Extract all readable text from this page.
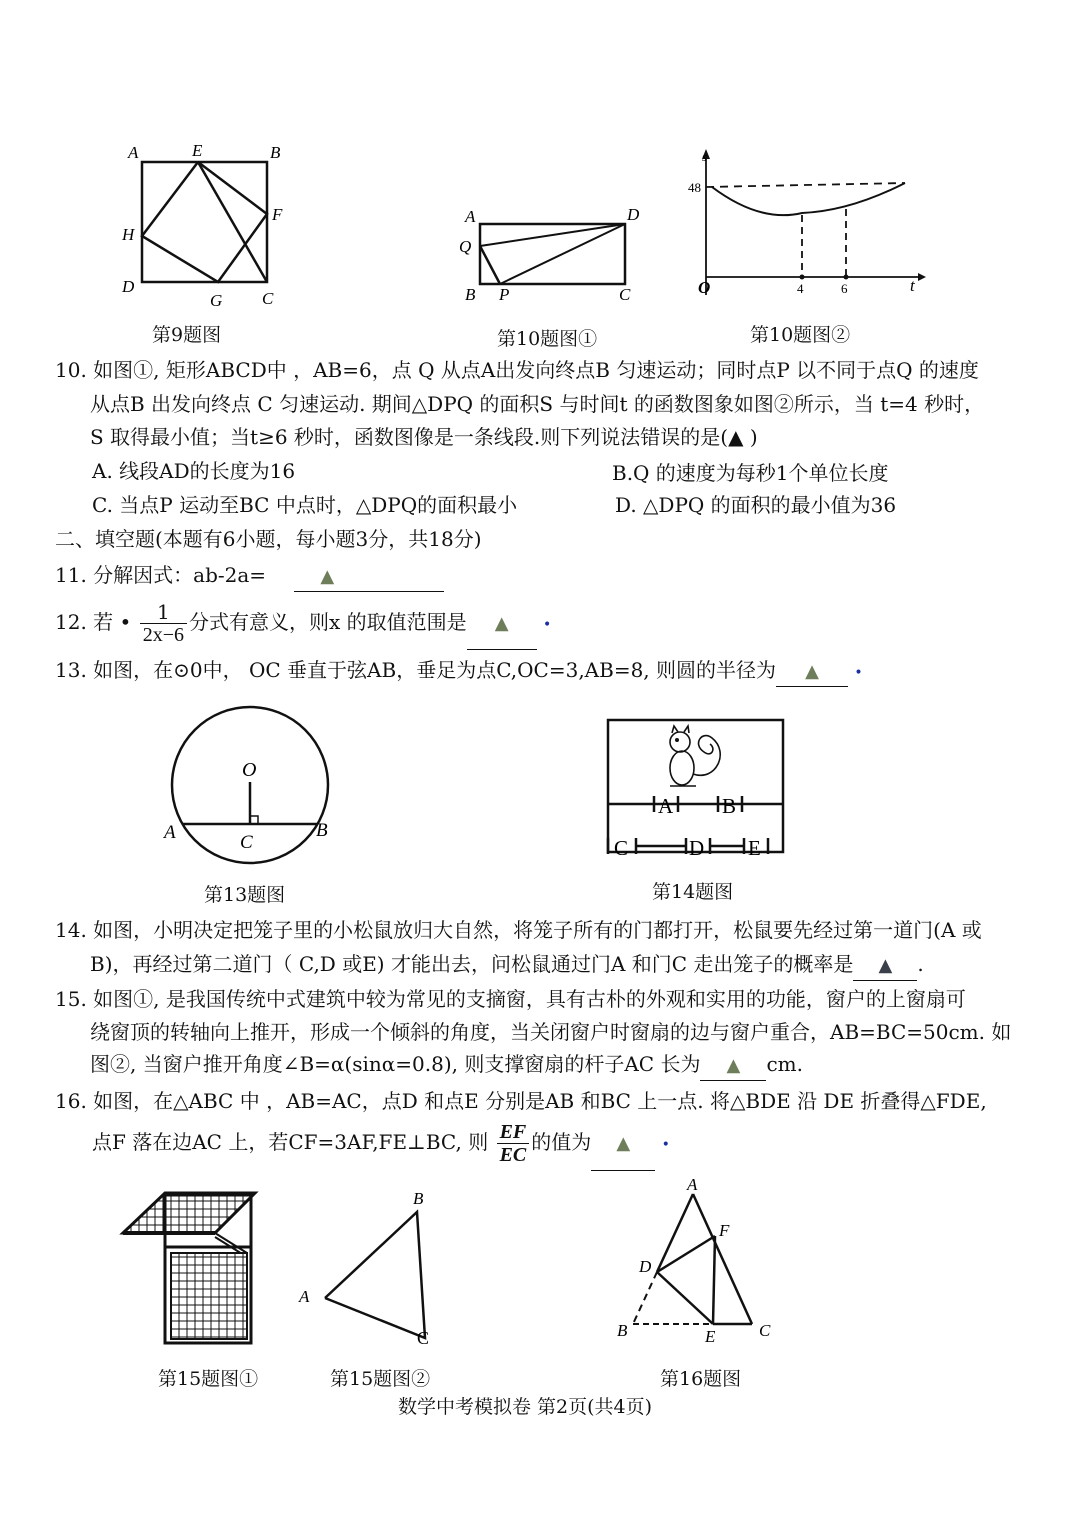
A	E	B
H
F
D
G C
第9题图
A	D
Q
B P	C
第10题图①
s
48
O	4	6	t
第10题图②
10. 如图①, 矩形ABCD中 ，AB=6，点 Q 从点A出发向终点B 匀速运动；同时点P 以不同于点Q 的速度
从点B 出发向终点 C 匀速运动. 期间△DPQ 的面积S 与时间t 的函数图象如图②所示，当 t=4 秒时，
S 取得最小值；当t≥6 秒时，函数图像是一条线段.则下列说法错误的是(▲ )
A. 线段AD的长度为16	B.Q 的速度为每秒1个单位长度
C. 当点P 运动至BC 中点时，△DPQ的面积最小	D. △DPQ 的面积的最小值为36
二、填空题(本题有6小题，每小题3分，共18分)
11. 分解因式：ab-2a=	▲
12. 若 • $\frac{1}{2x-6}$ 分式有意义，则x 的取值范围是 ▲ •
13. 如图，在⊙0中， OC 垂直于弦AB，垂足为点C,OC=3,AB=8, 则圆的半径为 ▲	•
O
A	C
B
第13题图
A B
C	D E
第14题图
14. 如图，小明决定把笼子里的小松鼠放归大自然，将笼子所有的门都打开，松鼠要先经过第一道门(A 或
B)，再经过第二道门（ C,D 或E) 才能出去，问松鼠通过门A 和门C 走出笼子的概率是 ▲ .
15. 如图①, 是我国传统中式建筑中较为常见的支摘窗，具有古朴的外观和实用的功能，窗户的上窗扇可
绕窗顶的转轴向上推开，形成一个倾斜的角度，当关闭窗户时窗扇的边与窗户重合，AB=BC=50cm. 如
图②, 当窗户推开角度∠B=α(sinα=0.8), 则支撑窗扇的杆子AC 长为 ▲ cm.
16. 如图，在△ABC 中 ，AB=AC，点D 和点E 分别是AB 和BC 上一点. 将△BDE 沿 DE 折叠得△FDE,
点F 落在边AC 上，若CF=3AF,FE⊥BC, 则 $\frac{EF}{EC}$ 的值为 ▲ •
第15题图①
B
A
C
第15题图②
A
F
D
B	E	C
第16题图
数学中考模拟卷 第2页(共4页)
